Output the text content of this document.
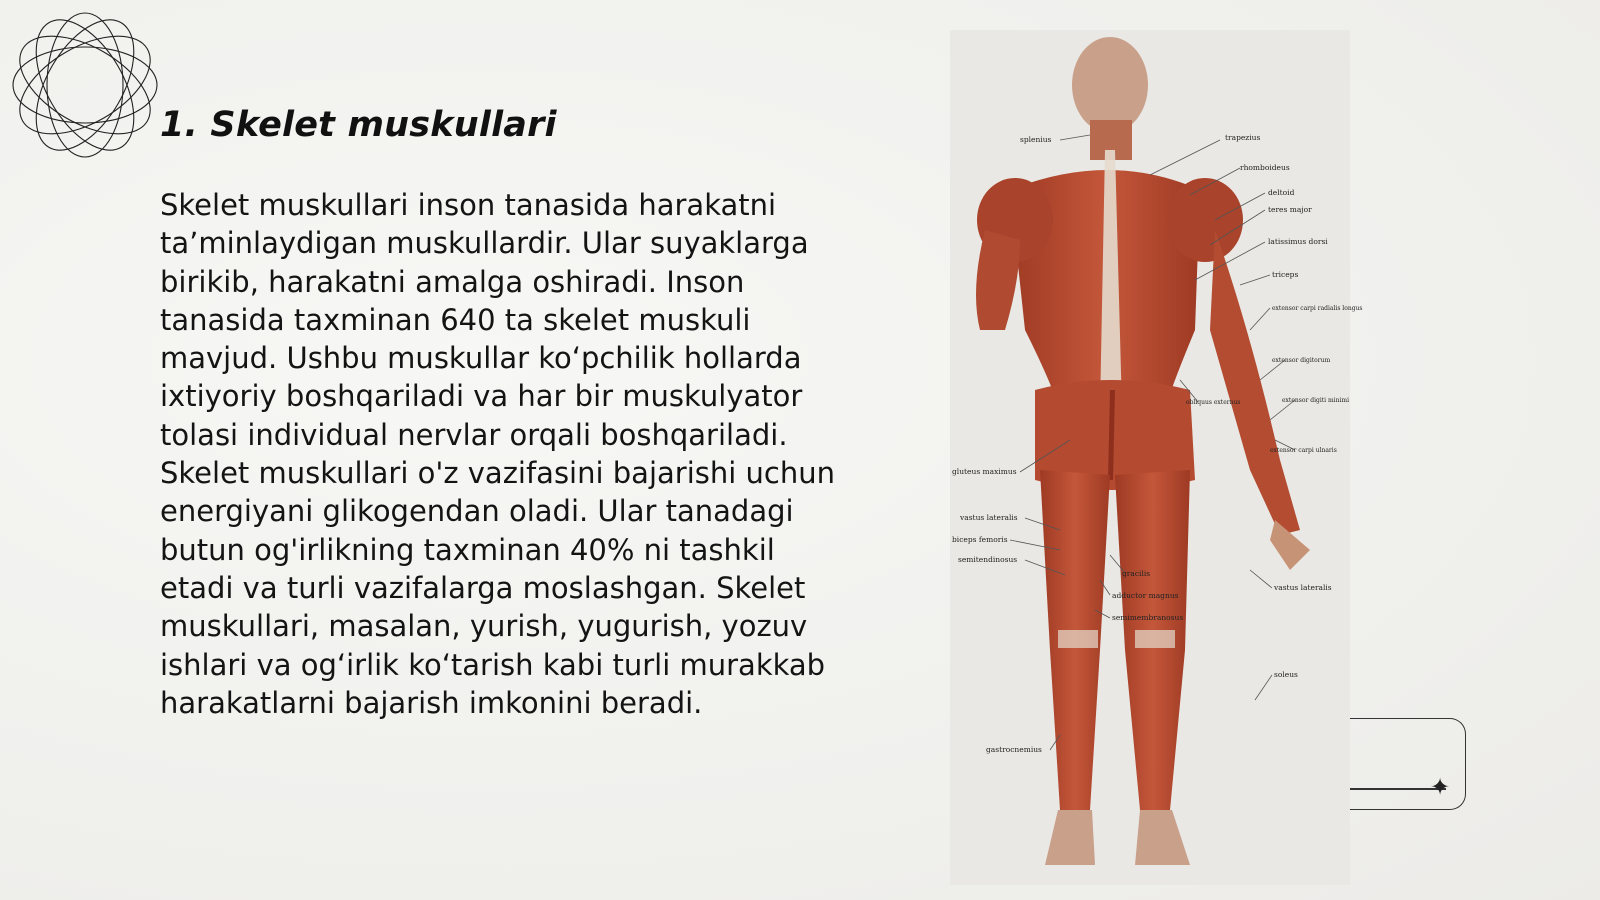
1. Skelet muskullari

Skelet muskullari inson tanasida harakatni ta’minlaydigan muskullardir. Ular suyaklarga birikib, harakatni amalga oshiradi. Inson tanasida taxminan 640 ta skelet muskuli mavjud. Ushbu muskullar ko‘pchilik hollarda ixtiyoriy boshqariladi va har bir muskulyator tolasi individual nervlar orqali boshqariladi. Skelet muskullari o'z vazifasini bajarishi uchun energiyani glikogendan oladi. Ular tanadagi butun og'irlikning taxminan 40% ni tashkil etadi va turli vazifalarga moslashgan. Skelet muskullari, masalan, yurish, yugurish, yozuv ishlari va og‘irlik ko‘tarish kabi turli murakkab harakatlarni bajarish imkonini beradi.

splenius	trapezius
rhomboideus
deltoid
teres major
latissimus dorsi
triceps
extensor carpi radialis longus
extensor digitorum
extensor digiti minimi
extensor carpi ulnaris
obliquus externus
gluteus maximus
vastus lateralis
biceps femoris
semitendinosus
gracilis
adductor magnus
semimembranosus
vastus lateralis
soleus
gastrocnemius
✦
